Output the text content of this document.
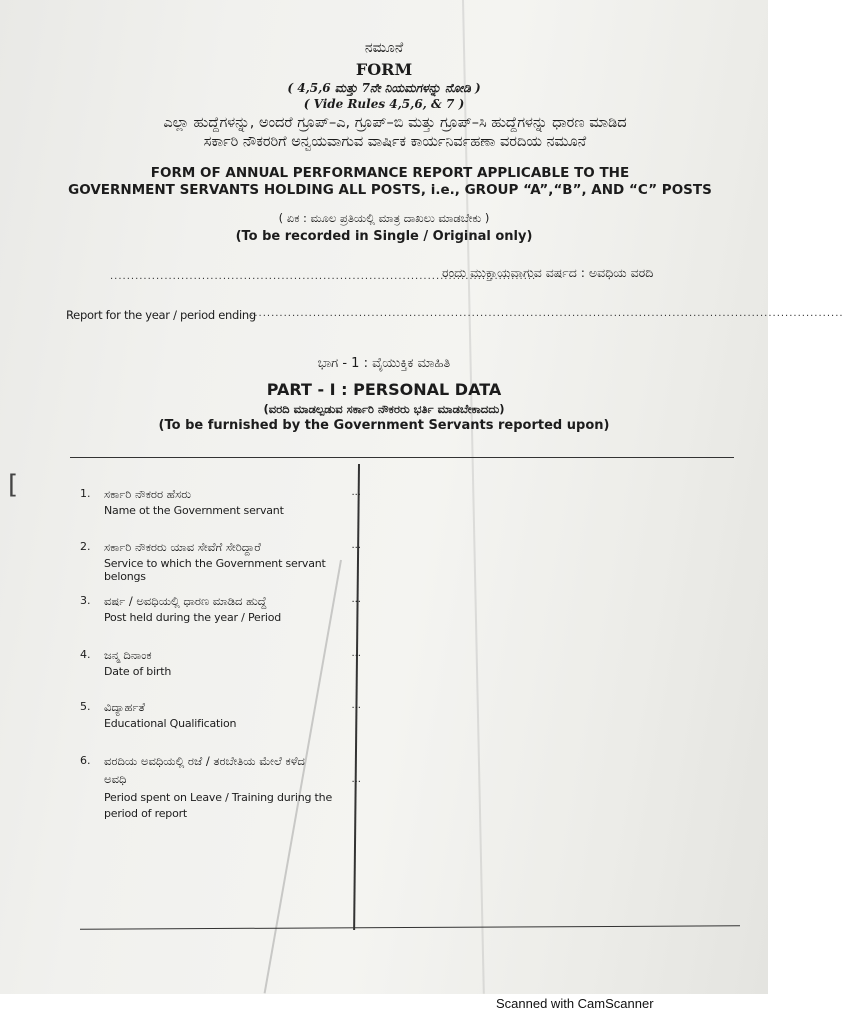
ನಮೂನೆ
FORM
( 4,5,6 ಮತ್ತು 7ನೇ ನಿಯಮಗಳನ್ನು ನೋಡಿ )
( Vide Rules 4,5,6, & 7 )
ಎಲ್ಲಾ ಹುದ್ದೆಗಳನ್ನು, ಅಂದರೆ ಗ್ರೂಪ್–ಎ, ಗ್ರೂಪ್–ಬಿ ಮತ್ತು ಗ್ರೂಪ್–ಸಿ ಹುದ್ದೆಗಳನ್ನು ಧಾರಣ ಮಾಡಿದ
ಸರ್ಕಾರಿ ನೌಕರರಿಗೆ ಅನ್ವಯವಾಗುವ ವಾರ್ಷಿಕ ಕಾರ್ಯನಿರ್ವಹಣಾ ವರದಿಯ ನಮೂನೆ
FORM OF ANNUAL PERFORMANCE REPORT APPLICABLE TO THE
GOVERNMENT SERVANTS HOLDING ALL POSTS, i.e., GROUP “A”,“B”, AND “C” POSTS
( ಏಕ : ಮೂಲ ಪ್ರತಿಯಲ್ಲಿ ಮಾತ್ರ ದಾಖಲು ಮಾಡಬೇಕು )
(To be recorded in Single / Original only)
......................................................................................................
ರಂದು ಮುಕ್ತಾಯವಾಗುವ ವರ್ಷದ : ಅವಧಿಯ ವರದಿ
Report for the year / period ending
...............................................................................................................................................
ಭಾಗ - 1 : ವೈಯುಕ್ತಿಕ ಮಾಹಿತಿ
PART - I : PERSONAL DATA
(ವರದಿ ಮಾಡಲ್ಪಡುವ ಸರ್ಕಾರಿ ನೌಕರರು ಭರ್ತಿ ಮಾಡಬೇಕಾದದು)
(To be furnished by the Government Servants reported upon)
[	1. ಸರ್ಕಾರಿ ನೌಕರರ ಹೆಸರು	...
Name ot the Government servant
2. ಸರ್ಕಾರಿ ನೌಕರರು ಯಾವ ಸೇವೆಗೆ ಸೇರಿದ್ದಾರೆ	...
Service to which the Government servant belongs
3. ವರ್ಷ / ಅವಧಿಯಲ್ಲಿ ಧಾರಣ ಮಾಡಿದ ಹುದ್ದೆ	...
Post held during the year / Period
4. ಜನ್ಮ ದಿನಾಂಕ	...
Date of birth
5. ವಿದ್ಯಾರ್ಹತೆ	...
Educational Qualification
6. ವರದಿಯ ಅವಧಿಯಲ್ಲಿ ರಜೆ / ತರಬೇತಿಯ ಮೇಲೆ ಕಳೆದ
ಅವಧಿ	...
Period spent on Leave / Training during the period of report
Scanned with CamScanner
